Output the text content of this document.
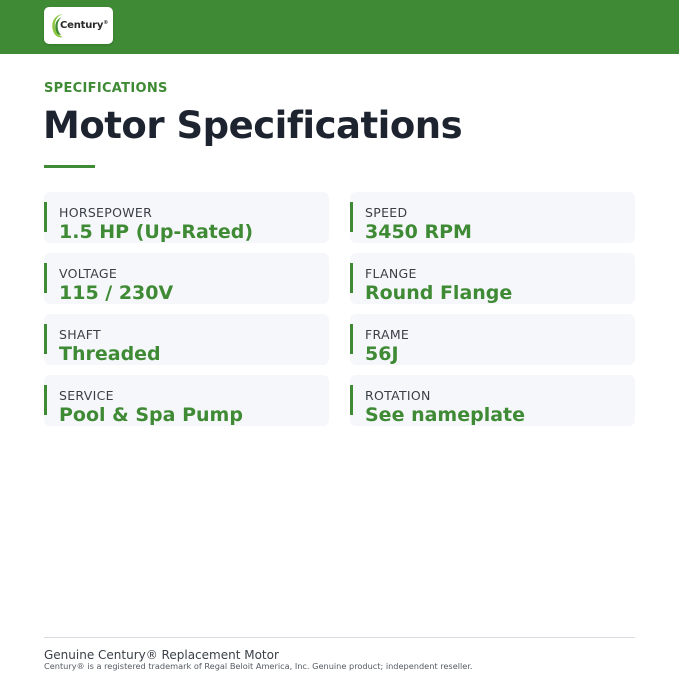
Century®
SPECIFICATIONS
Motor Specifications
HORSEPOWER
1.5 HP (Up-Rated)
SPEED
3450 RPM
VOLTAGE
115 / 230V
FLANGE
Round Flange
SHAFT
Threaded
FRAME
56J
SERVICE
Pool & Spa Pump
ROTATION
See nameplate
Genuine Century® Replacement Motor
Century® is a registered trademark of Regal Beloit America, Inc. Genuine product; independent reseller.
